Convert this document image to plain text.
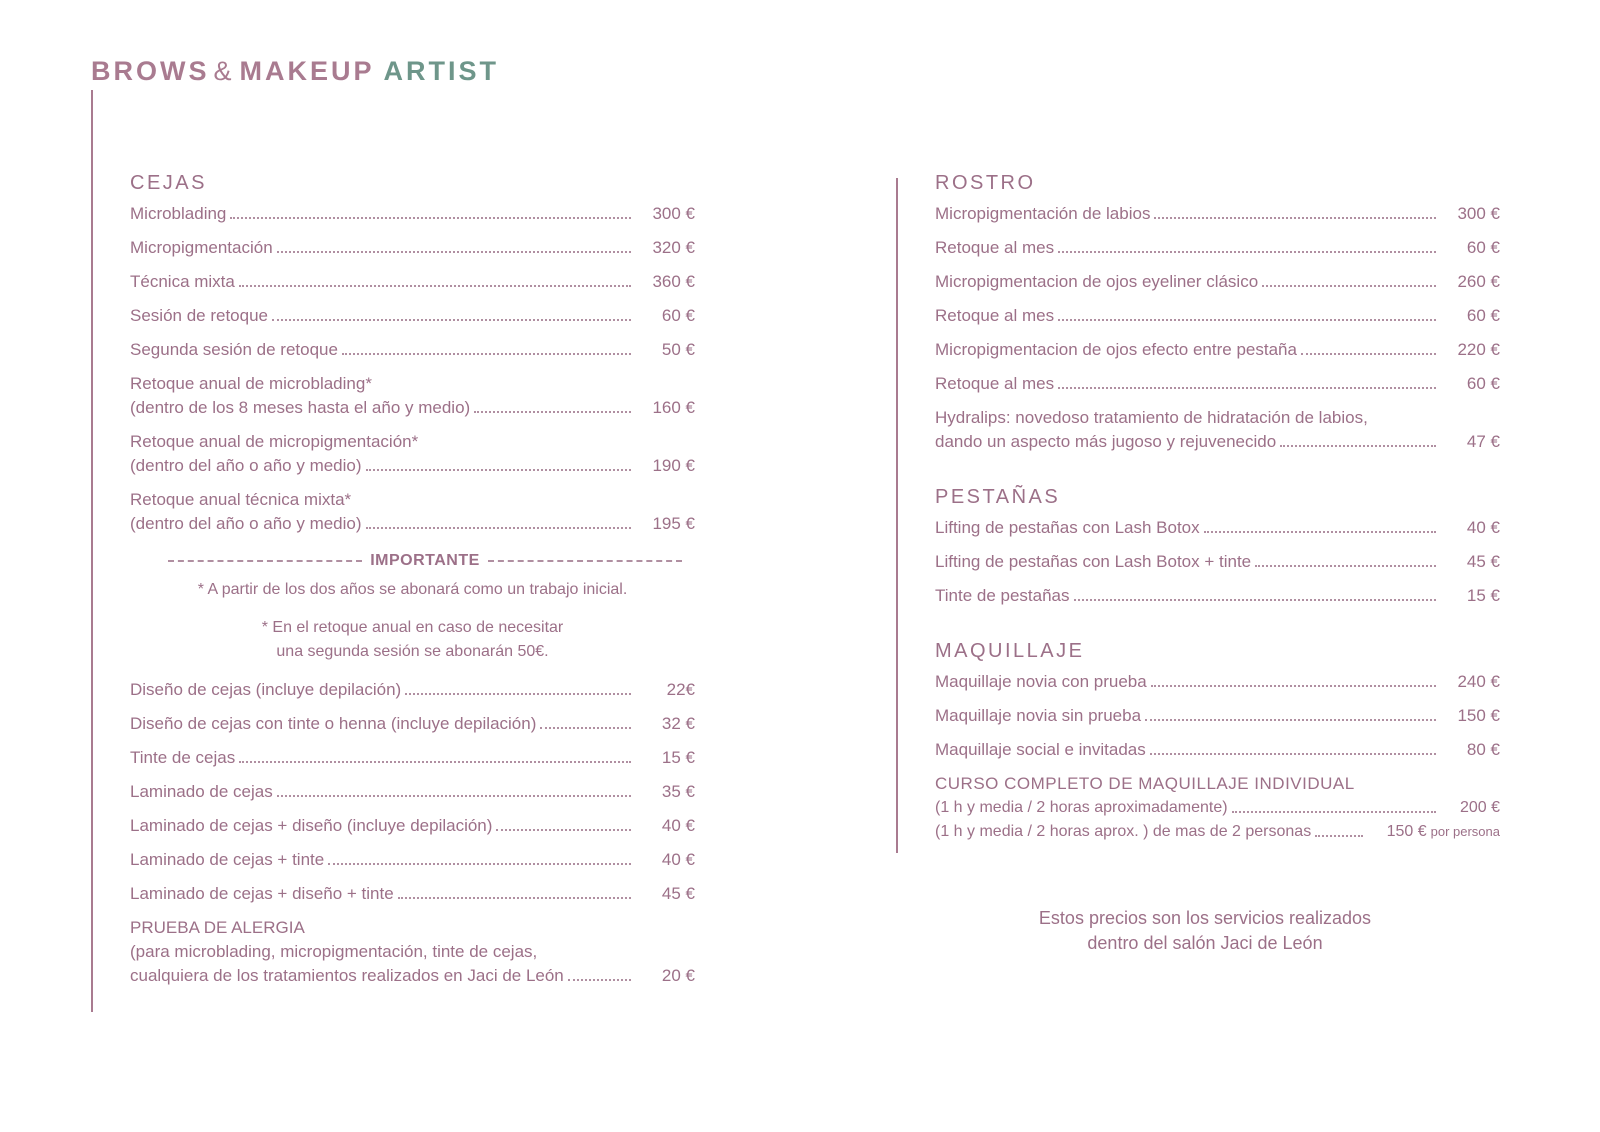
BROWS & MAKEUP ARTIST
CEJAS
Microblading	300 €
Micropigmentación	320 €
Técnica mixta	360 €
Sesión de retoque	60 €
Segunda sesión de retoque	50 €
Retoque anual de microblading*
(dentro de los 8 meses hasta el año y medio)	160 €
Retoque anual de micropigmentación*
(dentro del año o año y medio)	190 €
Retoque anual técnica mixta*
(dentro del año o año y medio)	195 €
IMPORTANTE
* A partir de los dos años se abonará como un trabajo inicial.
* En el retoque anual en caso de necesitar
una segunda sesión se abonarán 50€.
Diseño de cejas (incluye depilación)	22€
Diseño de cejas con tinte o henna (incluye depilación)	32 €
Tinte de cejas	15 €
Laminado de cejas	35 €
Laminado de cejas + diseño (incluye depilación)	40 €
Laminado de cejas + tinte	40 €
Laminado de cejas + diseño + tinte	45 €
PRUEBA DE ALERGIA
(para microblading, micropigmentación, tinte de cejas,
cualquiera de los tratamientos realizados en Jaci de León	20 €
ROSTRO
Micropigmentación de labios	300 €
Retoque al mes	60 €
Micropigmentacion de ojos eyeliner clásico	260 €
Retoque al mes	60 €
Micropigmentacion de ojos efecto entre pestaña	220 €
Retoque al mes	60 €
Hydralips: novedoso tratamiento de hidratación de labios,
dando un aspecto más jugoso y rejuvenecido	47 €
PESTAÑAS
Lifting de pestañas con Lash Botox	40 €
Lifting de pestañas con Lash Botox + tinte	45 €
Tinte de pestañas	15 €
MAQUILLAJE
Maquillaje novia con prueba	240 €
Maquillaje novia sin prueba	150 €
Maquillaje social e invitadas	80 €
CURSO COMPLETO DE MAQUILLAJE INDIVIDUAL
(1 h y media / 2 horas aproximadamente)	200 €
(1 h y media / 2 horas aprox. ) de mas de 2 personas	150 € por persona
Estos precios son los servicios realizados
dentro del salón Jaci de León
